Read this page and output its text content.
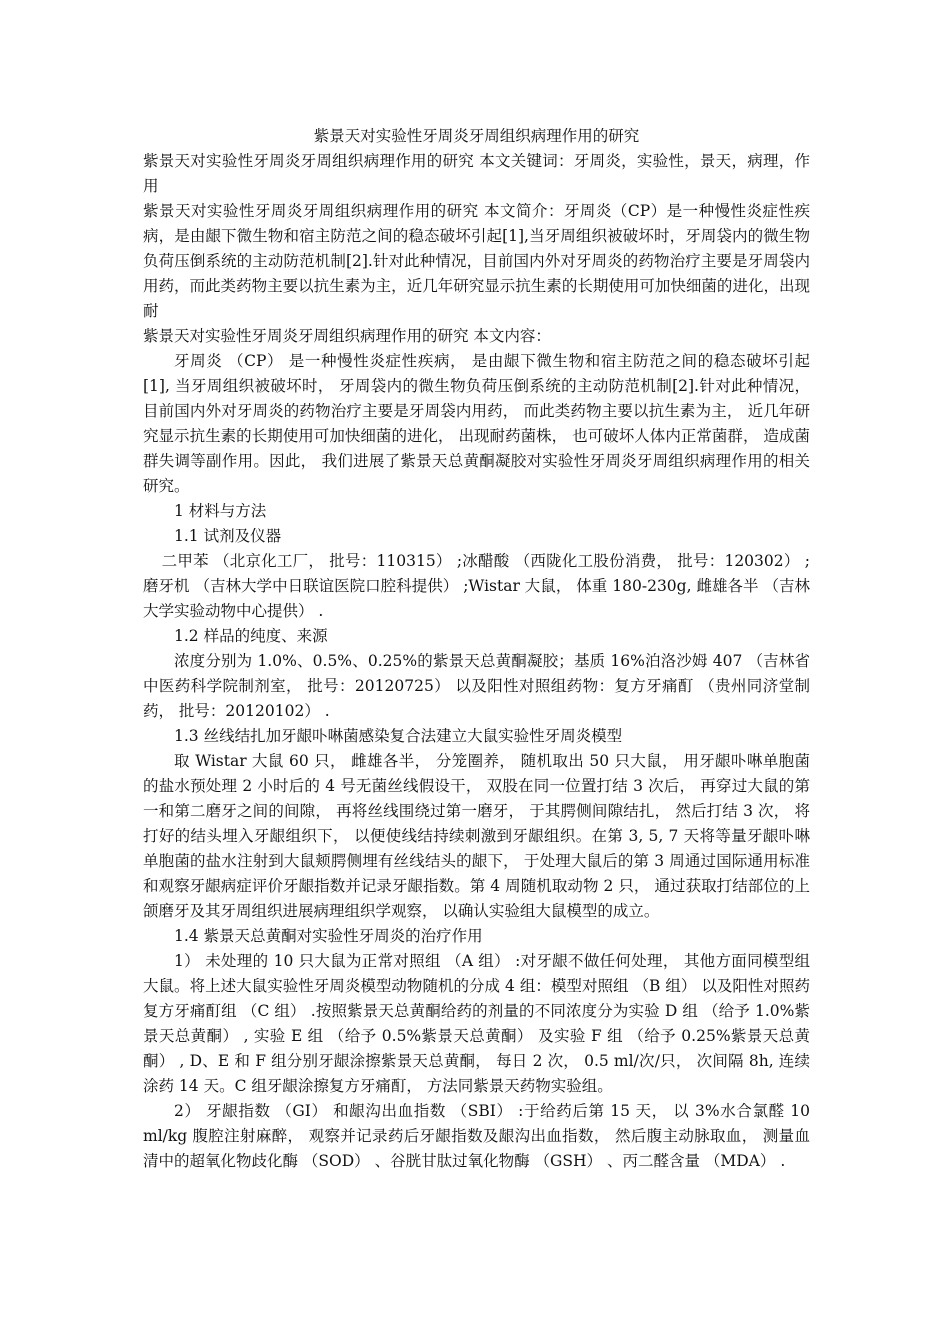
紫景天对实验性牙周炎牙周组织病理作用的研究

紫景天对实验性牙周炎牙周组织病理作用的研究 本文关键词：牙周炎，实验性，景天，病理，作用

紫景天对实验性牙周炎牙周组织病理作用的研究 本文简介：牙周炎（CP）是一种慢性炎症性疾病，是由龈下微生物和宿主防范之间的稳态破坏引起[1],当牙周组织被破坏时，牙周袋内的微生物负荷压倒系统的主动防范机制[2].针对此种情况，目前国内外对牙周炎的药物治疗主要是牙周袋内用药，而此类药物主要以抗生素为主，近几年研究显示抗生素的长期使用可加快细菌的进化，出现耐

紫景天对实验性牙周炎牙周组织病理作用的研究 本文内容：

牙周炎 （CP） 是一种慢性炎症性疾病， 是由龈下微生物和宿主防范之间的稳态破坏引起[1], 当牙周组织被破坏时， 牙周袋内的微生物负荷压倒系统的主动防范机制[2].针对此种情况， 目前国内外对牙周炎的药物治疗主要是牙周袋内用药， 而此类药物主要以抗生素为主， 近几年研究显示抗生素的长期使用可加快细菌的进化， 出现耐药菌株， 也可破坏人体内正常菌群， 造成菌群失调等副作用。因此， 我们进展了紫景天总黄酮凝胶对实验性牙周炎牙周组织病理作用的相关研究。

1 材料与方法

1.1 试剂及仪器

二甲苯 （北京化工厂， 批号：110315） ;冰醋酸 （西陇化工股份消费， 批号：120302） ;磨牙机 （吉林大学中日联谊医院口腔科提供） ;Wistar 大鼠， 体重 180-230g, 雌雄各半 （吉林大学实验动物中心提供） .

1.2 样品的纯度、来源

浓度分别为 1.0%、0.5%、0.25%的紫景天总黄酮凝胶；基质 16%泊洛沙姆 407 （吉林省中医药科学院制剂室， 批号：20120725） 以及阳性对照组药物：复方牙痛酊 （贵州同济堂制药， 批号：20120102） .

1.3 丝线结扎加牙龈卟啉菌感染复合法建立大鼠实验性牙周炎模型

取 Wistar 大鼠 60 只， 雌雄各半， 分笼圈养， 随机取出 50 只大鼠， 用牙龈卟啉单胞菌的盐水预处理 2 小时后的 4 号无菌丝线假设干， 双股在同一位置打结 3 次后， 再穿过大鼠的第一和第二磨牙之间的间隙， 再将丝线围绕过第一磨牙， 于其腭侧间隙结扎， 然后打结 3 次， 将打好的结头埋入牙龈组织下， 以便使线结持续刺激到牙龈组织。在第 3, 5, 7 天将等量牙龈卟啉单胞菌的盐水注射到大鼠颊腭侧埋有丝线结头的龈下， 于处理大鼠后的第 3 周通过国际通用标准和观察牙龈病症评价牙龈指数并记录牙龈指数。第 4 周随机取动物 2 只， 通过获取打结部位的上颌磨牙及其牙周组织进展病理组织学观察， 以确认实验组大鼠模型的成立。

1.4 紫景天总黄酮对实验性牙周炎的治疗作用

1） 未处理的 10 只大鼠为正常对照组 （A 组） :对牙龈不做任何处理， 其他方面同模型组大鼠。将上述大鼠实验性牙周炎模型动物随机的分成 4 组：模型对照组 （B 组） 以及阳性对照药复方牙痛酊组 （C 组） .按照紫景天总黄酮给药的剂量的不同浓度分为实验 D 组 （给予 1.0%紫景天总黄酮） , 实验 E 组 （给予 0.5%紫景天总黄酮） 及实验 F 组 （给予 0.25%紫景天总黄酮） , D、E 和 F 组分别牙龈涂擦紫景天总黄酮， 每日 2 次， 0.5 ml/次/只， 次间隔 8h, 连续涂药 14 天。C 组牙龈涂擦复方牙痛酊， 方法同紫景天药物实验组。

2） 牙龈指数 （GI） 和龈沟出血指数 （SBI） :于给药后第 15 天， 以 3%水合氯醛 10 ml/kg 腹腔注射麻醉， 观察并记录药后牙龈指数及龈沟出血指数， 然后腹主动脉取血， 测量血清中的超氧化物歧化酶 （SOD） 、谷胱甘肽过氧化物酶 （GSH） 、丙二醛含量 （MDA） .
